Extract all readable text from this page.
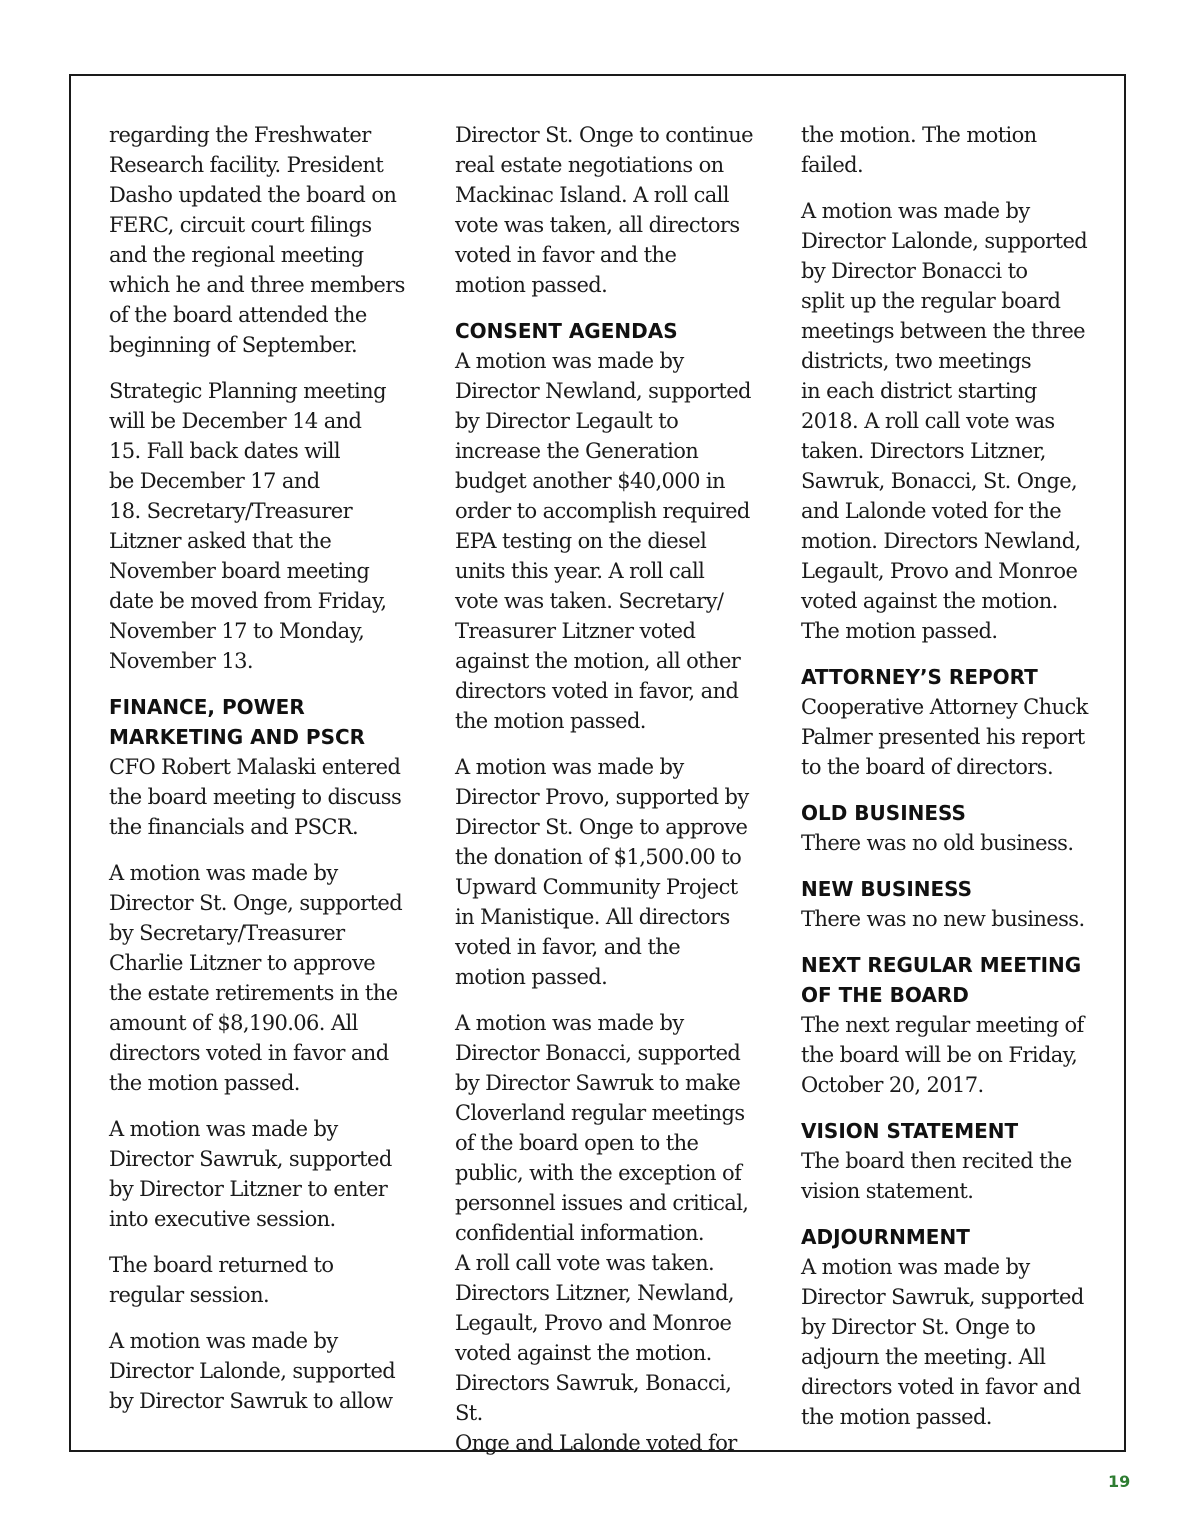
regarding the Freshwater
Research facility. President
Dasho updated the board on
FERC, circuit court filings
and the regional meeting
which he and three members
of the board attended the
beginning of September.

Strategic Planning meeting
will be December 14 and
15. Fall back dates will
be December 17 and
18. Secretary/Treasurer
Litzner asked that the
November board meeting
date be moved from Friday,
November 17 to Monday,
November 13.

FINANCE, POWER
MARKETING AND PSCR

CFO Robert Malaski entered
the board meeting to discuss
the financials and PSCR.

A motion was made by
Director St. Onge, supported
by Secretary/Treasurer
Charlie Litzner to approve
the estate retirements in the
amount of $8,190.06. All
directors voted in favor and
the motion passed.

A motion was made by
Director Sawruk, supported
by Director Litzner to enter
into executive session.

The board returned to
regular session.

A motion was made by
Director Lalonde, supported
by Director Sawruk to allow

Director St. Onge to continue
real estate negotiations on
Mackinac Island. A roll call
vote was taken, all directors
voted in favor and the
motion passed.

CONSENT AGENDAS

A motion was made by
Director Newland, supported
by Director Legault to
increase the Generation
budget another $40,000 in
order to accomplish required
EPA testing on the diesel
units this year. A roll call
vote was taken. Secretary/
Treasurer Litzner voted
against the motion, all other
directors voted in favor, and
the motion passed.

A motion was made by
Director Provo, supported by
Director St. Onge to approve
the donation of $1,500.00 to
Upward Community Project
in Manistique. All directors
voted in favor, and the
motion passed.

A motion was made by
Director Bonacci, supported
by Director Sawruk to make
Cloverland regular meetings
of the board open to the
public, with the exception of
personnel issues and critical,
confidential information.
A roll call vote was taken.
Directors Litzner, Newland,
Legault, Provo and Monroe
voted against the motion.
Directors Sawruk, Bonacci, St.
Onge and Lalonde voted for

the motion. The motion failed.

A motion was made by
Director Lalonde, supported
by Director Bonacci to
split up the regular board
meetings between the three
districts, two meetings
in each district starting
2018. A roll call vote was
taken. Directors Litzner,
Sawruk, Bonacci, St. Onge,
and Lalonde voted for the
motion. Directors Newland,
Legault, Provo and Monroe
voted against the motion.
The motion passed.

ATTORNEY’S REPORT

Cooperative Attorney Chuck
Palmer presented his report
to the board of directors.

OLD BUSINESS

There was no old business.

NEW BUSINESS

There was no new business.

NEXT REGULAR MEETING
OF THE BOARD

The next regular meeting of
the board will be on Friday,
October 20, 2017.

VISION STATEMENT

The board then recited the
vision statement.

ADJOURNMENT

A motion was made by
Director Sawruk, supported
by Director St. Onge to
adjourn the meeting. All
directors voted in favor and
the motion passed.

19
